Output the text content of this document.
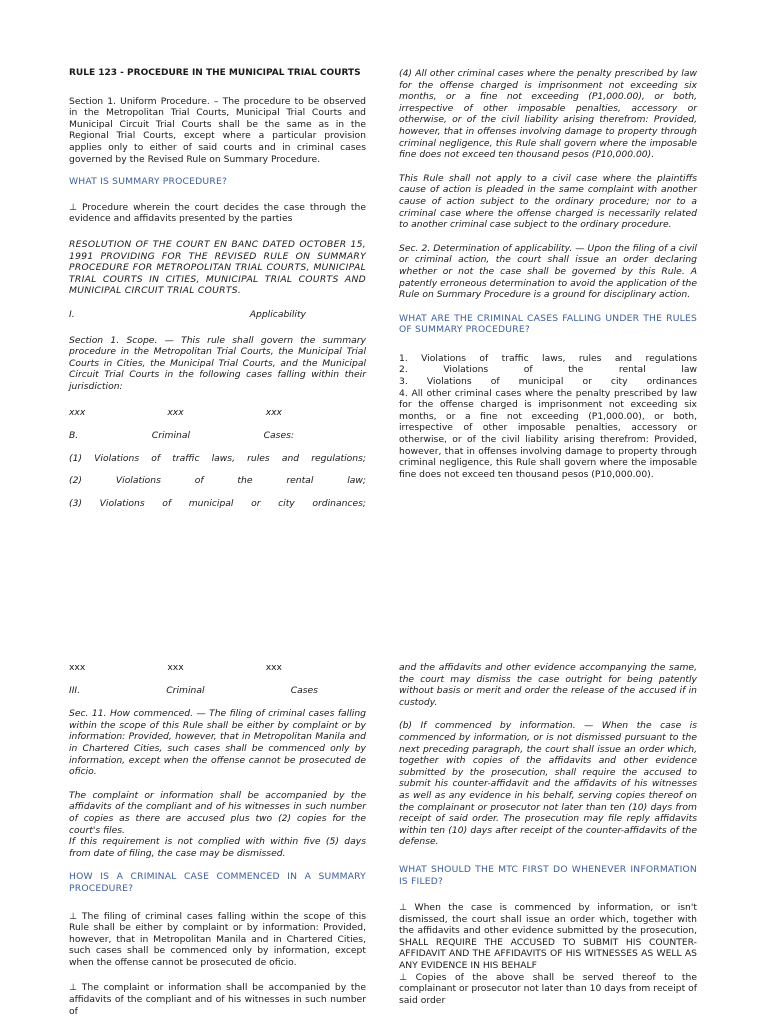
RULE 123 - PROCEDURE IN THE MUNICIPAL TRIAL COURTS

Section 1. Uniform Procedure. – The procedure to be observed in the Metropolitan Trial Courts, Municipal Trial Courts and Municipal Circuit Trial Courts shall be the same as in the Regional Trial Courts, except where a particular provision applies only to either of said courts and in criminal cases governed by the Revised Rule on Summary Procedure.

WHAT IS SUMMARY PROCEDURE?

⊥ Procedure wherein the court decides the case through the evidence and affidavits presented by the parties

RESOLUTION OF THE COURT EN BANC DATED OCTOBER 15, 1991 PROVIDING FOR THE REVISED RULE ON SUMMARY PROCEDURE FOR METROPOLITAN TRIAL COURTS, MUNICIPAL TRIAL COURTS IN CITIES, MUNICIPAL TRIAL COURTS AND MUNICIPAL CIRCUIT TRIAL COURTS.

I.	Applicability

Section 1. Scope. — This rule shall govern the summary procedure in the Metropolitan Trial Courts, the Municipal Trial Courts in Cities, the Municipal Trial Courts, and the Municipal Circuit Trial Courts in the following cases falling within their jurisdiction:

xxx	xxx	xxx
B.	Criminal	Cases:

(1) Violations of traffic laws, rules and regulations;

(2) Violations of the rental law;

(3) Violations of municipal or city ordinances;

(4) All other criminal cases where the penalty prescribed by law for the offense charged is imprisonment not exceeding six months, or a fine not exceeding (P1,000.00), or both, irrespective of other imposable penalties, accessory or otherwise, or of the civil liability arising therefrom: Provided, however, that in offenses involving damage to property through criminal negligence, this Rule shall govern where the imposable fine does not exceed ten thousand pesos (P10,000.00).

This Rule shall not apply to a civil case where the plaintiffs cause of action is pleaded in the same complaint with another cause of action subject to the ordinary procedure; nor to a criminal case where the offense charged is necessarily related to another criminal case subject to the ordinary procedure.

Sec. 2. Determination of applicability. — Upon the filing of a civil or criminal action, the court shall issue an order declaring whether or not the case shall be governed by this Rule. A patently erroneous determination to avoid the application of the Rule on Summary Procedure is a ground for disciplinary action.

WHAT ARE THE CRIMINAL CASES FALLING UNDER THE RULES OF SUMMARY PROCEDURE?

1. Violations of traffic laws, rules and regulations

2. Violations of the rental law

3. Violations of municipal or city ordinances

4. All other criminal cases where the penalty prescribed by law for the offense charged is imprisonment not exceeding six months, or a fine not exceeding (P1,000.00), or both, irrespective of other imposable penalties, accessory or otherwise, or of the civil liability arising therefrom: Provided, however, that in offenses involving damage to property through criminal negligence, this Rule shall govern where the imposable fine does not exceed ten thousand pesos (P10,000.00).

xxx	xxx	xxx
III.	Criminal	Cases

Sec. 11. How commenced. — The filing of criminal cases falling within the scope of this Rule shall be either by complaint or by information: Provided, however, that in Metropolitan Manila and in Chartered Cities, such cases shall be commenced only by information, except when the offense cannot be prosecuted de oficio.

The complaint or information shall be accompanied by the affidavits of the compliant and of his witnesses in such number of copies as there are accused plus two (2) copies for the court's files.

If this requirement is not complied with within five (5) days from date of filing, the case may be dismissed.

HOW IS A CRIMINAL CASE COMMENCED IN A SUMMARY PROCEDURE?

⊥ The filing of criminal cases falling within the scope of this Rule shall be either by complaint or by information: Provided, however, that in Metropolitan Manila and in Chartered Cities, such cases shall be commenced only by information, except when the offense cannot be prosecuted de oficio.

⊥ The complaint or information shall be accompanied by the affidavits of the compliant and of his witnesses in such number of

and the affidavits and other evidence accompanying the same, the court may dismiss the case outright for being patently without basis or merit and order the release of the accused if in custody.

(b) If commenced by information. — When the case is commenced by information, or is not dismissed pursuant to the next preceding paragraph, the court shall issue an order which, together with copies of the affidavits and other evidence submitted by the prosecution, shall require the accused to submit his counter-affidavit and the affidavits of his witnesses as well as any evidence in his behalf, serving copies thereof on the complainant or prosecutor not later than ten (10) days from receipt of said order. The prosecution may file reply affidavits within ten (10) days after receipt of the counter-affidavits of the defense.

WHAT SHOULD THE MTC FIRST DO WHENEVER INFORMATION IS FILED?

⊥ When the case is commenced by information, or isn't dismissed, the court shall issue an order which, together with the affidavits and other evidence submitted by the prosecution, SHALL REQUIRE THE ACCUSED TO SUBMIT HIS COUNTER-AFFIDAVIT AND THE AFFIDAVITS OF HIS WITNESSES AS WELL AS ANY EVIDENCE IN HIS BEHALF

⊥ Copies of the above shall be served thereof to the complainant or prosecutor not later than 10 days from receipt of said order
